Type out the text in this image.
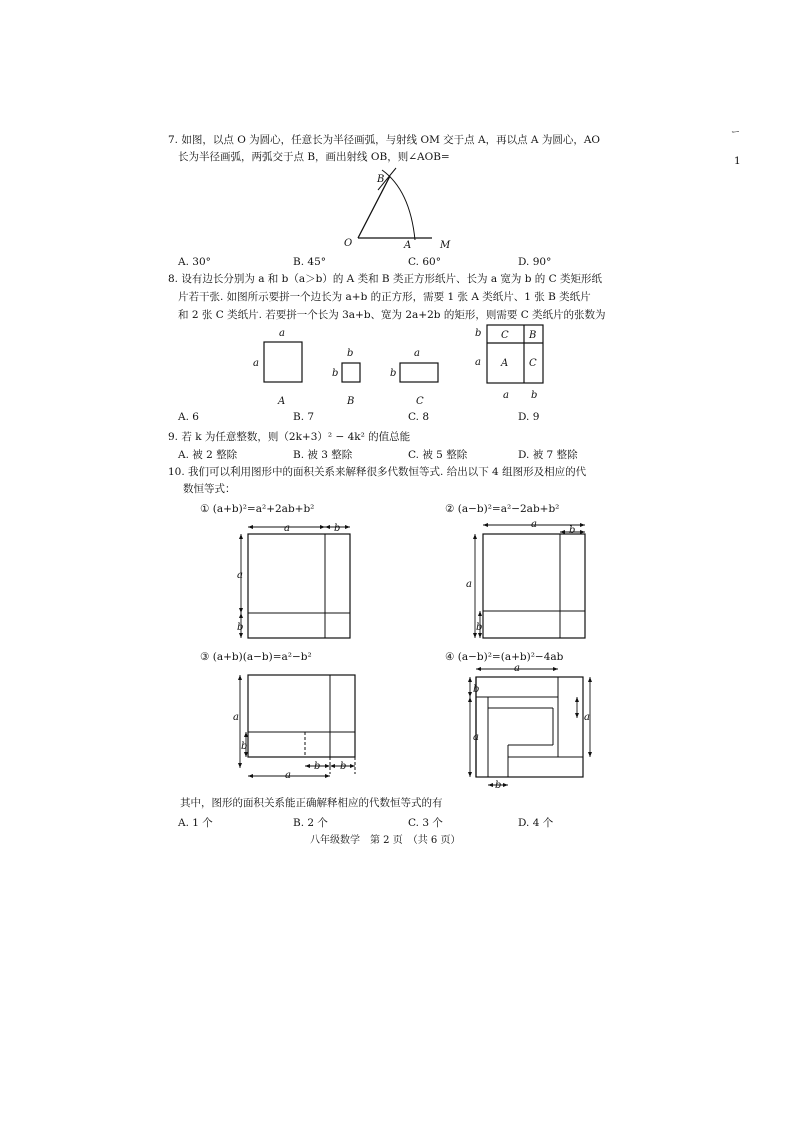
ー
1
7. 如图，以点 O 为圆心，任意长为半径画弧，与射线 OM 交于点 A，再以点 A 为圆心，AO
长为半径画弧，两弧交于点 B，画出射线 OB，则∠AOB=
B
O	A	M
A. 30°	B. 45°	C. 60°	D. 90°
8. 设有边长分别为 a 和 b（a＞b）的 A 类和 B 类正方形纸片、长为 a 宽为 b 的 C 类矩形纸
片若干张. 如图所示要拼一个边长为 a+b 的正方形，需要 1 张 A 类纸片、1 张 B 类纸片
和 2 张 C 类纸片. 若要拼一个长为 3a+b、宽为 2a+2b 的矩形，则需要 C 类纸片的张数为
a
a
A
b
b
B
a
b
C
C B
A C
b
a
a b
A. 6	B. 7	C. 8	D. 9
9. 若 k 为任意整数，则（2k+3）² − 4k² 的值总能
A. 被 2 整除	B. 被 3 整除	C. 被 5 整除	D. 被 7 整除
10. 我们可以利用图形中的面积关系来解释很多代数恒等式. 给出以下 4 组图形及相应的代
数恒等式：
① (a+b)²=a²+2ab+b²	② (a−b)²=a²−2ab+b²
a	b
a
b
a
b
a
b
③ (a+b)(a−b)=a²−b²	④ (a−b)²=(a+b)²−4ab
a
b
a
b b
a
b
a
a
b
其中，图形的面积关系能正确解释相应的代数恒等式的有
A. 1 个	B. 2 个	C. 3 个	D. 4 个
八年级数学　第 2 页　（共 6 页）
